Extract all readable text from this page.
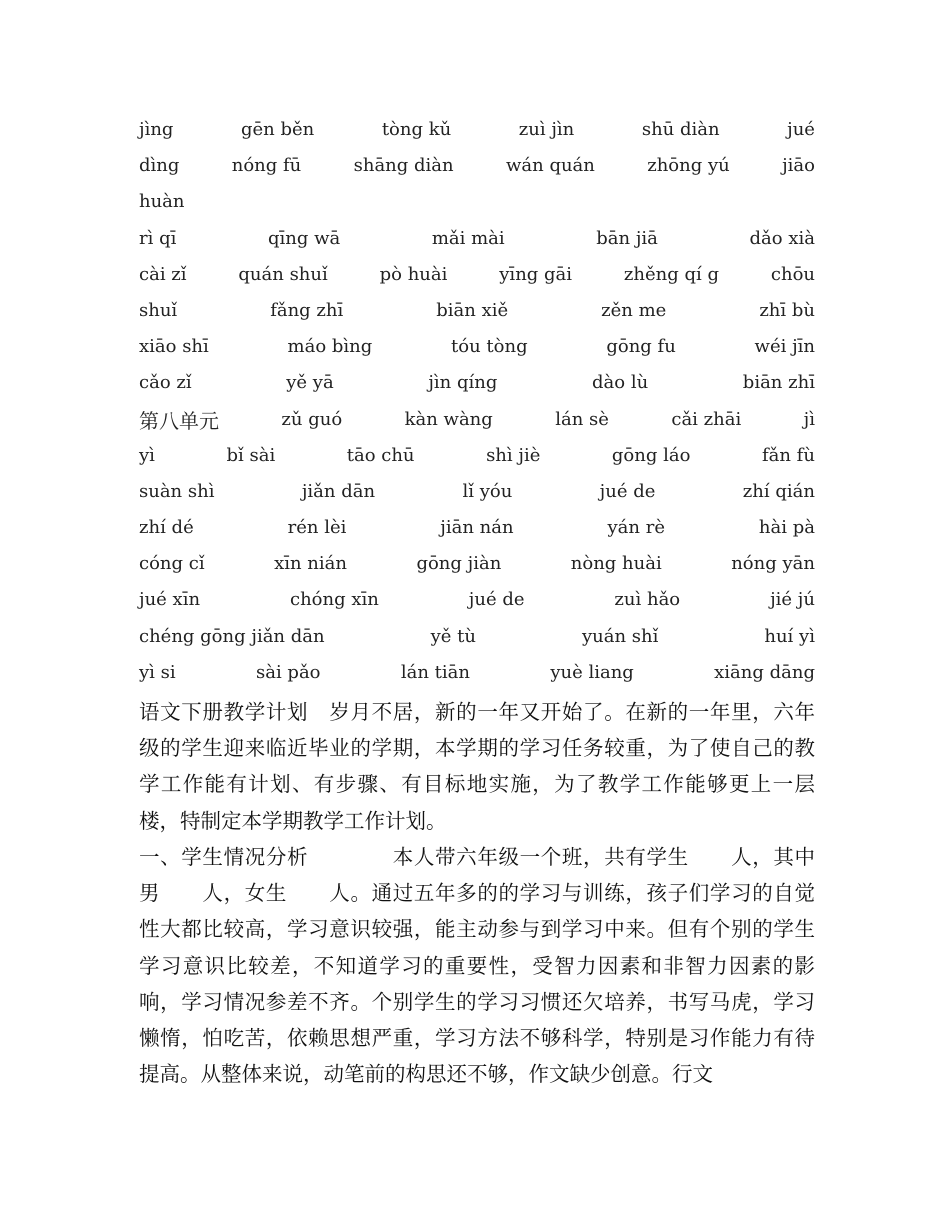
jìng	gēn běn	tòng kǔ	zuì jìn	shū diàn	jué
dìng	nóng fū	shāng diàn	wán quán	zhōng yú	jiāo
huàn
rì qī	qīng wā	mǎi mài	bān jiā	dǎo xià
cài zǐ	quán shuǐ	pò huài	yīng gāi	zhěng qí g	chōu
shuǐ	fǎng zhī	biān xiě	zěn me	zhī bù
xiāo shī	máo bìng	tóu tòng	gōng fu	wéi jīn
cǎo zǐ	yě yā	jìn qíng	dào lù	biān zhī
第八单元	zǔ guó	kàn wàng	lán sè	cǎi zhāi	jì
yì	bǐ sài	tāo chū	shì jiè	gōng láo	fǎn fù
suàn shì	jiǎn dān	lǐ yóu	jué de	zhí qián
zhí dé	rén lèi	jiān nán	yán rè	hài pà
cóng cǐ	xīn nián	gōng jiàn	nòng huài	nóng yān
jué xīn	chóng xīn	jué de	zuì hǎo	jié jú
chéng gōng jiǎn dān	yě tù	yuán shǐ	huí yì
yì si	sài pǎo	lán tiān	yuè liang	xiāng dāng
语文下册教学计划　岁月不居，新的一年又开始了。在新的一年里，六年级的学生迎来临近毕业的学期，本学期的学习任务较重，为了使自己的教学工作能有计划、有步骤、有目标地实施，为了教学工作能够更上一层楼，特制定本学期教学工作计划。
一、学生情况分析　　　　本人带六年级一个班，共有学生　　人，其中男　　人，女生　　人。通过五年多的的学习与训练，孩子们学习的自觉性大都比较高，学习意识较强，能主动参与到学习中来。但有个别的学生学习意识比较差，不知道学习的重要性，受智力因素和非智力因素的影响，学习情况参差不齐。个别学生的学习习惯还欠培养，书写马虎，学习懒惰，怕吃苦，依赖思想严重，学习方法不够科学，特别是习作能力有待提高。从整体来说，动笔前的构思还不够，作文缺少创意。行文
